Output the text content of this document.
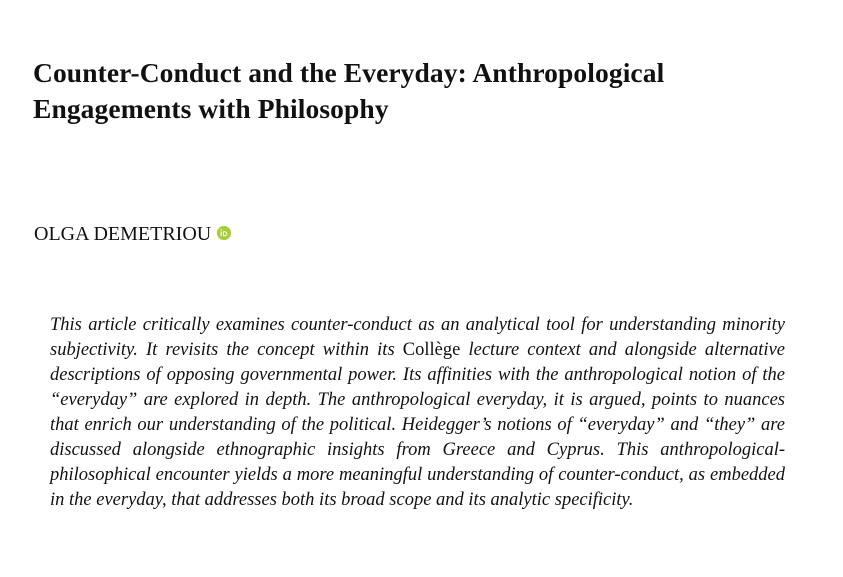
Counter-Conduct and the Everyday: Anthropological Engagements with Philosophy
OLGA DEMETRIOU

This article critically examines counter-conduct as an analytical tool for understanding minority subjectivity. It revisits the concept within its Collège lecture context and alongside alternative descriptions of opposing governmental power. Its affinities with the anthropological notion of the “everyday” are explored in depth. The anthropological everyday, it is argued, points to nuances that enrich our understanding of the political. Heidegger’s notions of “everyday” and “they” are discussed alongside ethnographic insights from Greece and Cyprus. This anthropological-philosophical encounter yields a more meaningful understanding of counter-conduct, as embedded in the everyday, that addresses both its broad scope and its analytic specificity.
